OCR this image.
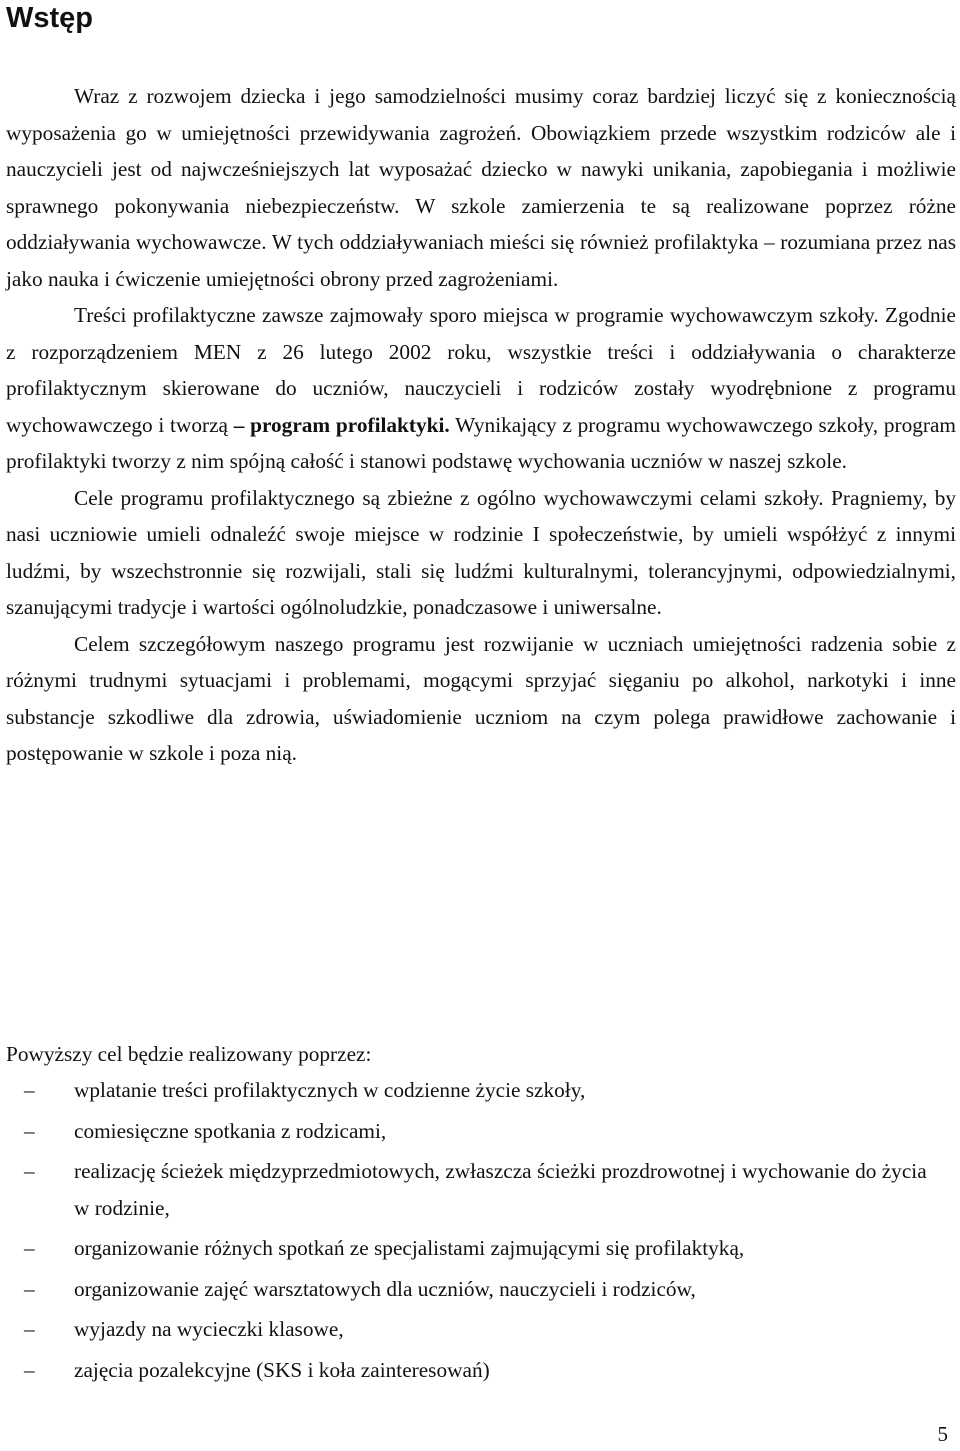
Wstęp

Wraz z rozwojem dziecka i jego samodzielności musimy coraz bardziej liczyć się z koniecznością wyposażenia go w umiejętności przewidywania zagrożeń. Obowiązkiem przede wszystkim rodziców ale i nauczycieli jest od najwcześniejszych lat wyposażać dziecko w nawyki unikania, zapobiegania i możliwie sprawnego pokonywania niebezpieczeństw. W szkole zamierzenia te są realizowane poprzez różne oddziaływania wychowawcze. W tych oddziaływaniach mieści się również profilaktyka – rozumiana przez nas jako nauka i ćwiczenie umiejętności obrony przed zagrożeniami.

Treści profilaktyczne zawsze zajmowały sporo miejsca w programie wychowawczym szkoły. Zgodnie z rozporządzeniem MEN z 26 lutego 2002 roku, wszystkie treści i oddziaływania o charakterze profilaktycznym skierowane do uczniów, nauczycieli i rodziców zostały wyodrębnione z programu wychowawczego i tworzą – program profilaktyki. Wynikający z programu wychowawczego szkoły, program profilaktyki tworzy z nim spójną całość i stanowi podstawę wychowania uczniów w naszej szkole.

Cele programu profilaktycznego są zbieżne z ogólno wychowawczymi celami szkoły. Pragniemy, by nasi uczniowie umieli odnaleźć swoje miejsce w rodzinie I społeczeństwie, by umieli współżyć z innymi ludźmi, by wszechstronnie się rozwijali, stali się ludźmi kulturalnymi, tolerancyjnymi, odpowiedzialnymi, szanującymi tradycje i wartości ogólnoludzkie, ponadczasowe i uniwersalne.

Celem szczegółowym naszego programu jest rozwijanie w uczniach umiejętności radzenia sobie z różnymi trudnymi sytuacjami i problemami, mogącymi sprzyjać sięganiu po alkohol, narkotyki i inne substancje szkodliwe dla zdrowia, uświadomienie uczniom na czym polega prawidłowe zachowanie i postępowanie w szkole i poza nią.

Powyższy cel będzie realizowany poprzez:

– wplatanie treści profilaktycznych w codzienne życie szkoły,
– comiesięczne spotkania z rodzicami,
– realizację ścieżek międzyprzedmiotowych, zwłaszcza ścieżki prozdrowotnej i wychowanie do życia w rodzinie,
– organizowanie różnych spotkań ze specjalistami zajmującymi się profilaktyką,
– organizowanie zajęć warsztatowych dla uczniów, nauczycieli i rodziców,
– wyjazdy na wycieczki klasowe,
– zajęcia pozalekcyjne (SKS i koła zainteresowań)
5
